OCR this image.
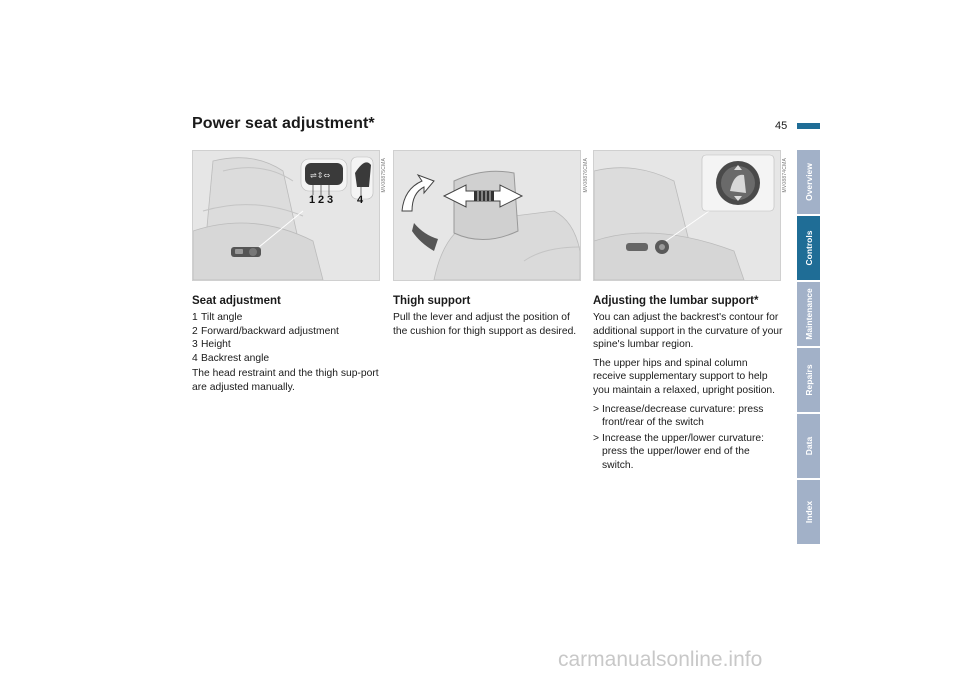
Power seat adjustment*	45
⇌⇕⇔
1 2 3 4
MV08875CMA	MV08876CMA	MV08874CMA
Seat adjustment
1 Tilt angle
2 Forward/backward adjustment
3 Height
4 Backrest angle

The head restraint and the thigh sup-port are adjusted manually.

Thigh support

Pull the lever and adjust the position of the cushion for thigh support as desired.

Adjusting the lumbar support*

You can adjust the backrest's contour for additional support in the curvature of your spine's lumbar region.

The upper hips and spinal column receive supplementary support to help you maintain a relaxed, upright position.

> Increase/decrease curvature: press front/rear of the switch
> Increase the upper/lower curvature: press the upper/lower end of the switch.
Overview
Controls
Maintenance
Repairs
Data
Index
carmanualsonline.info
